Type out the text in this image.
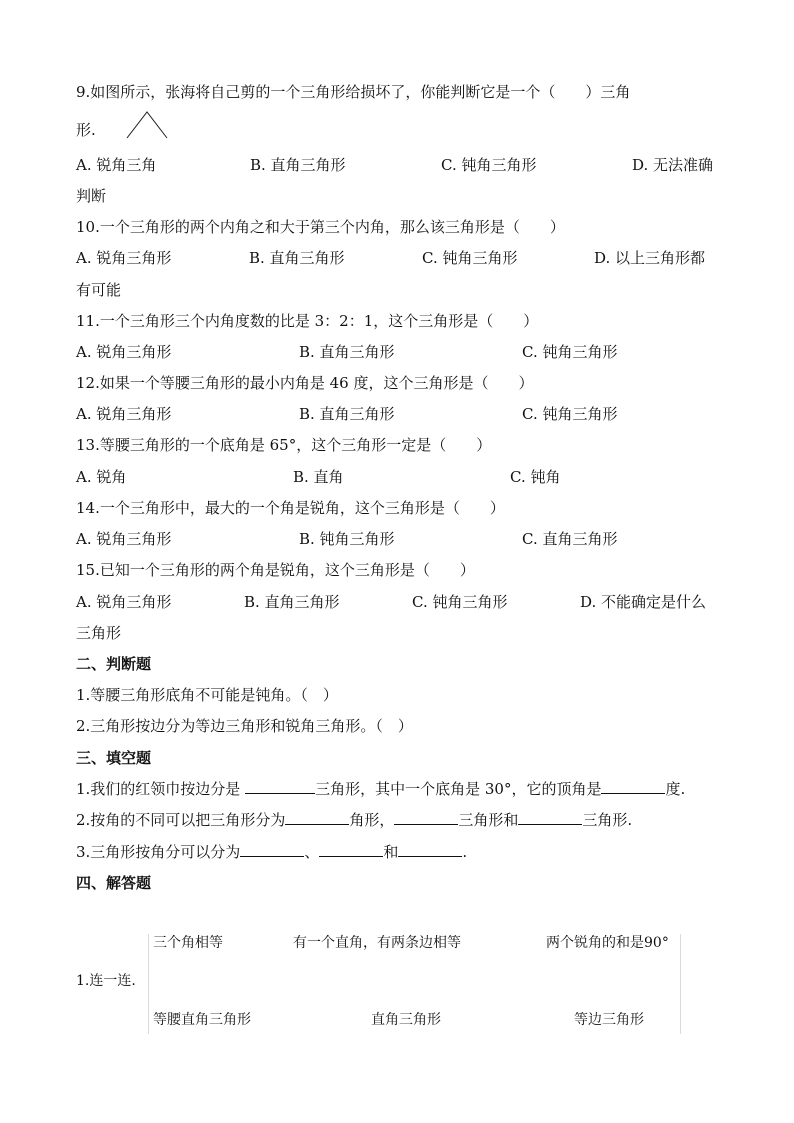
9.如图所示，张海将自己剪的一个三角形给损坏了，你能判断它是一个（　　）三角
形.
A. 锐角三角	B. 直角三角形	C. 钝角三角形	D. 无法准确
判断
10.一个三角形的两个内角之和大于第三个内角，那么该三角形是（　　）
A. 锐角三角形	B. 直角三角形	C. 钝角三角形	D. 以上三角形都
有可能
11.一个三角形三个内角度数的比是 3：2：1，这个三角形是（　　）
A. 锐角三角形	B. 直角三角形	C. 钝角三角形
12.如果一个等腰三角形的最小内角是 46 度，这个三角形是（　　）
A. 锐角三角形	B. 直角三角形	C. 钝角三角形
13.等腰三角形的一个底角是 65°，这个三角形一定是（　　）
A. 锐角	B. 直角	C. 钝角
14.一个三角形中，最大的一个角是锐角，这个三角形是（　　）
A. 锐角三角形	B. 钝角三角形	C. 直角三角形
15.已知一个三角形的两个角是锐角，这个三角形是（　　）
A. 锐角三角形	B. 直角三角形	C. 钝角三角形	D. 不能确定是什么
三角形
二、判断题
1.等腰三角形底角不可能是钝角。（　）
2.三角形按边分为等边三角形和锐角三角形。（　）
三、填空题
1.我们的红领巾按边分是	三角形，其中一个底角是 30°，它的顶角是	度.
2.按角的不同可以把三角形分为	角形，	三角形和	三角形.
3.三角形按角分可以分为	、	和	.
四、解答题
1.连一连.
三个角相等	有一个直角，有两条边相等	两个锐角的和是90°
等腰直角三角形	直角三角形	等边三角形
